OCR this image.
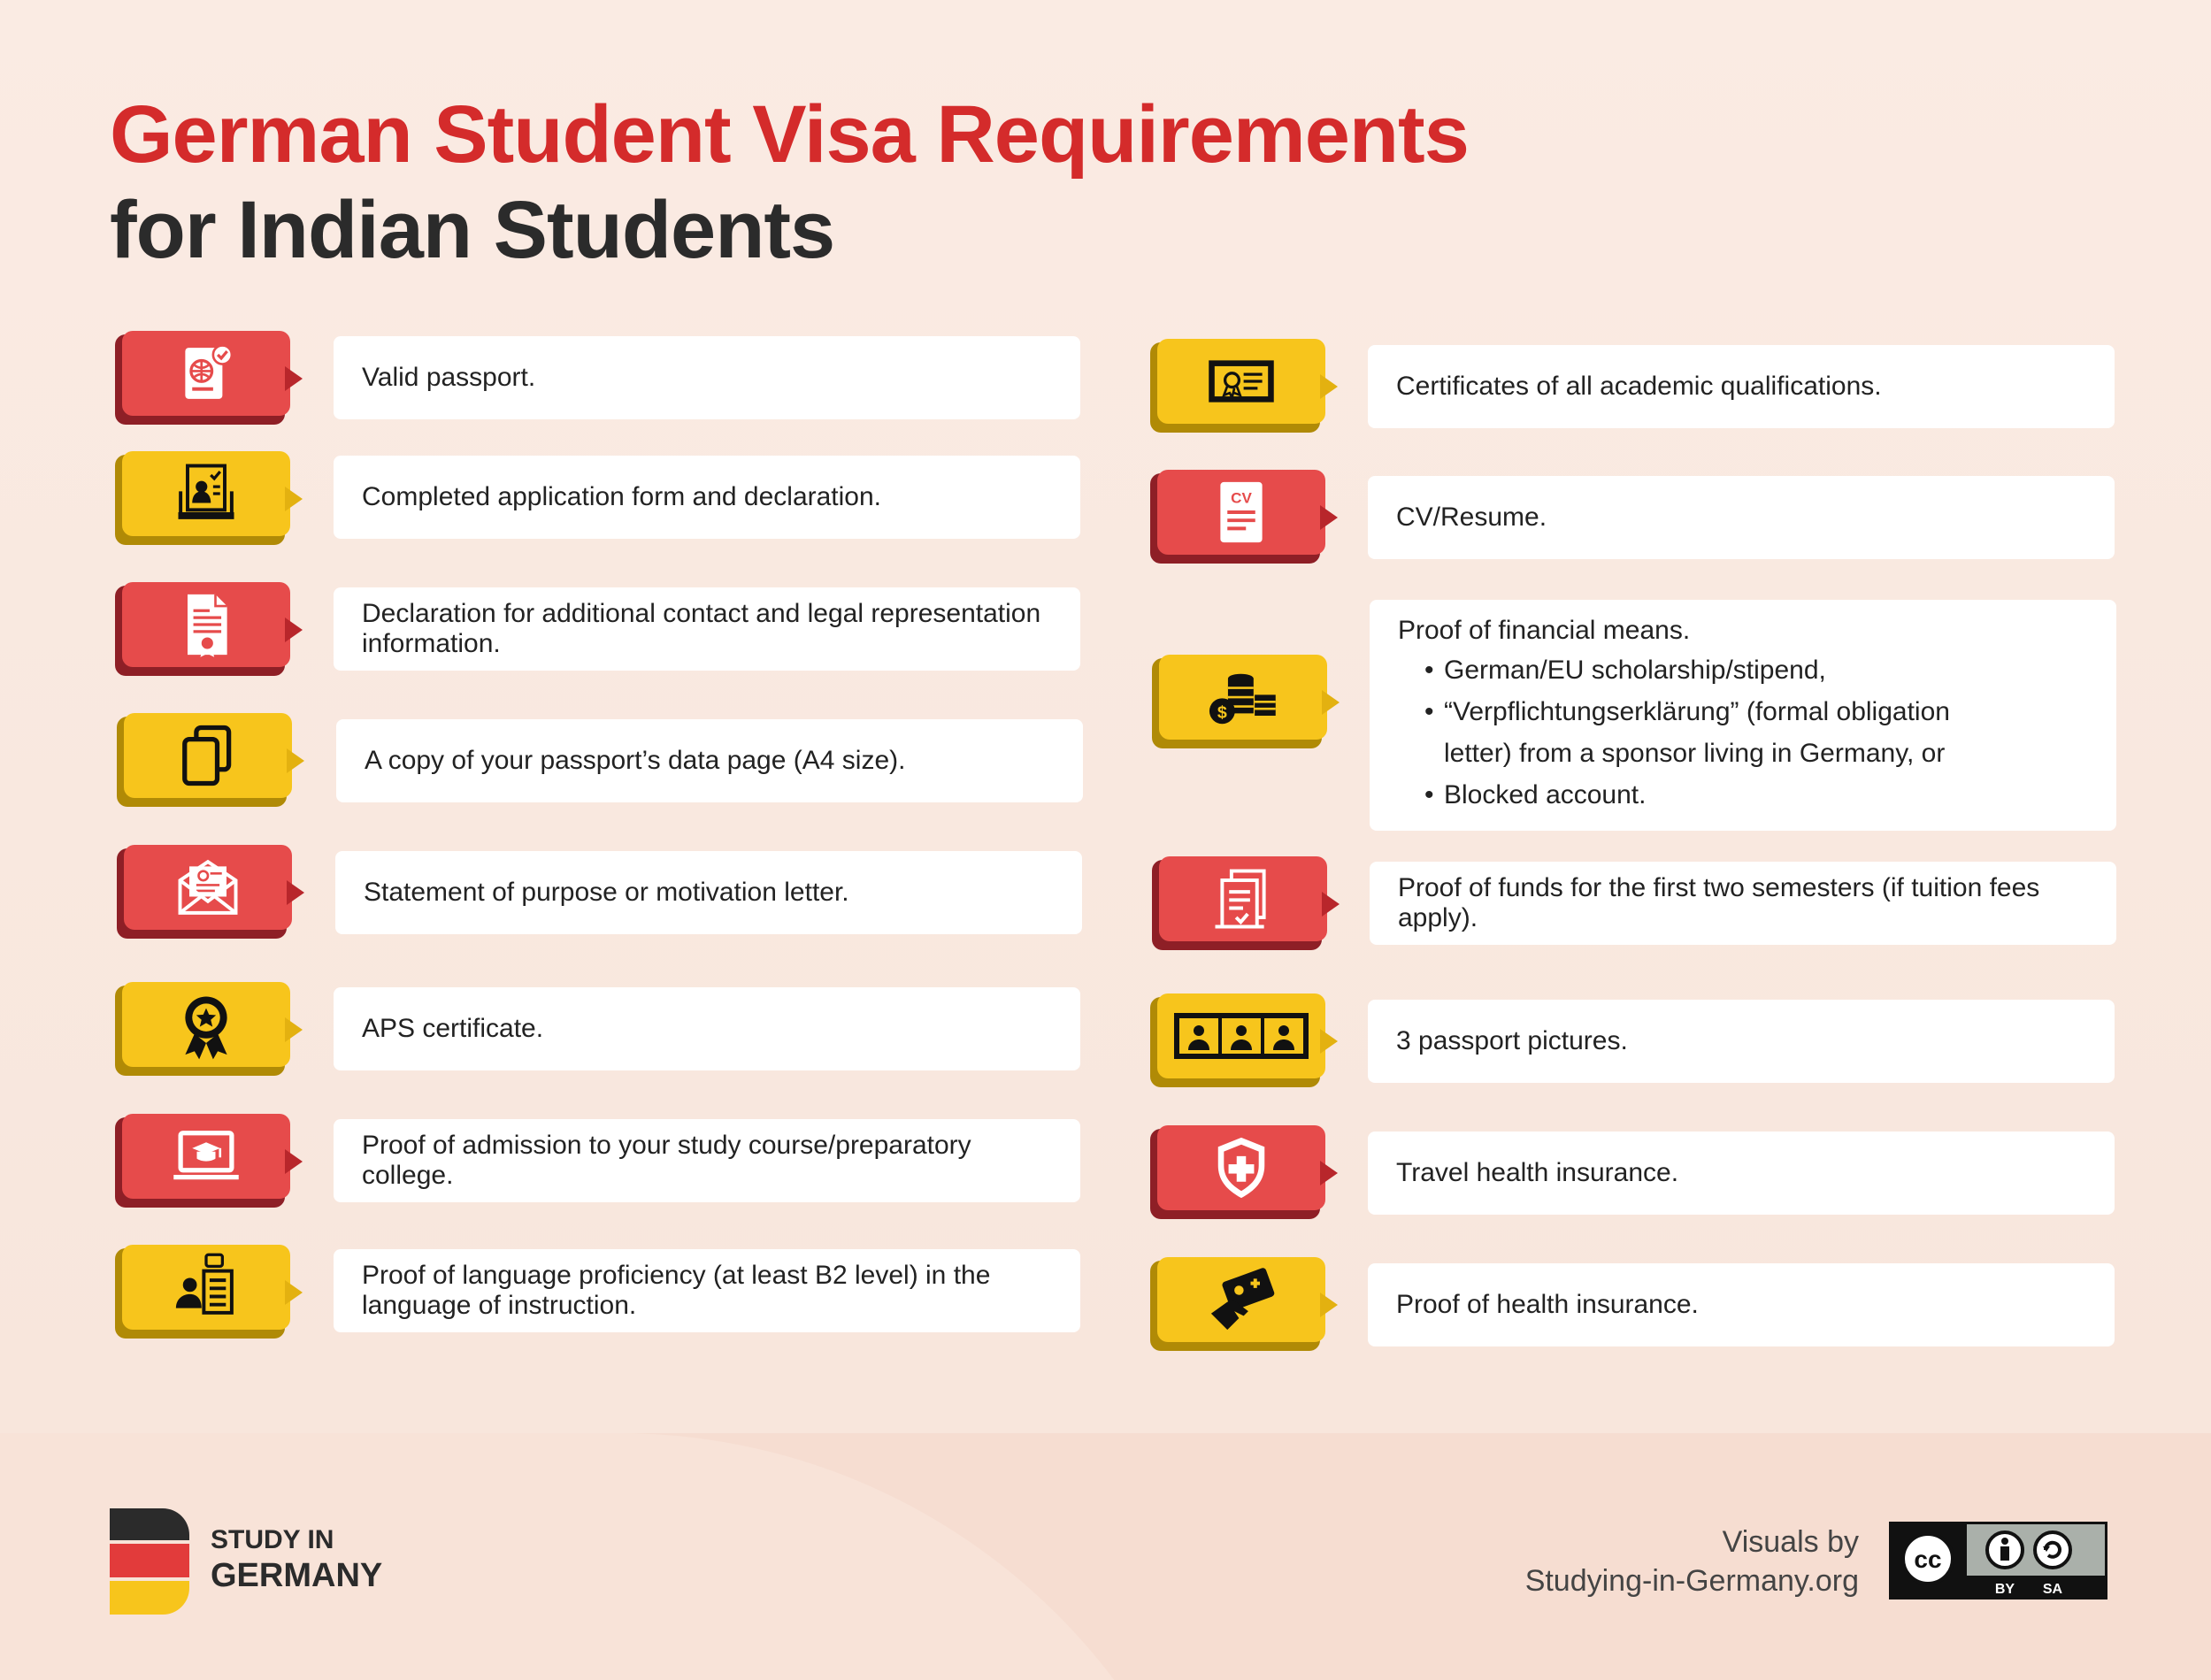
German Student Visa Requirements
for Indian Students
Valid passport.
Completed application form and declaration.
Declaration for additional contact and legal representation information.
A copy of your passport’s data page (A4 size).
Statement of purpose or motivation letter.
APS certificate.
Proof of admission to your study course/preparatory college.
Proof of language proficiency (at least B2 level) in the language of instruction.
Certificates of all academic qualifications.
CV
CV/Resume.
$
Proof of financial means.
• German/EU scholarship/stipend,
• “Verpflichtungserklärung” (formal obligation
letter) from a sponsor living in Germany, or
• Blocked account.
Proof of funds for the first two semesters (if tuition fees apply).
3 passport pictures.
Travel health insurance.
Proof of health insurance.
STUDY IN
GERMANY
Visuals by
Studying-in-Germany.org
cc
BY SA
